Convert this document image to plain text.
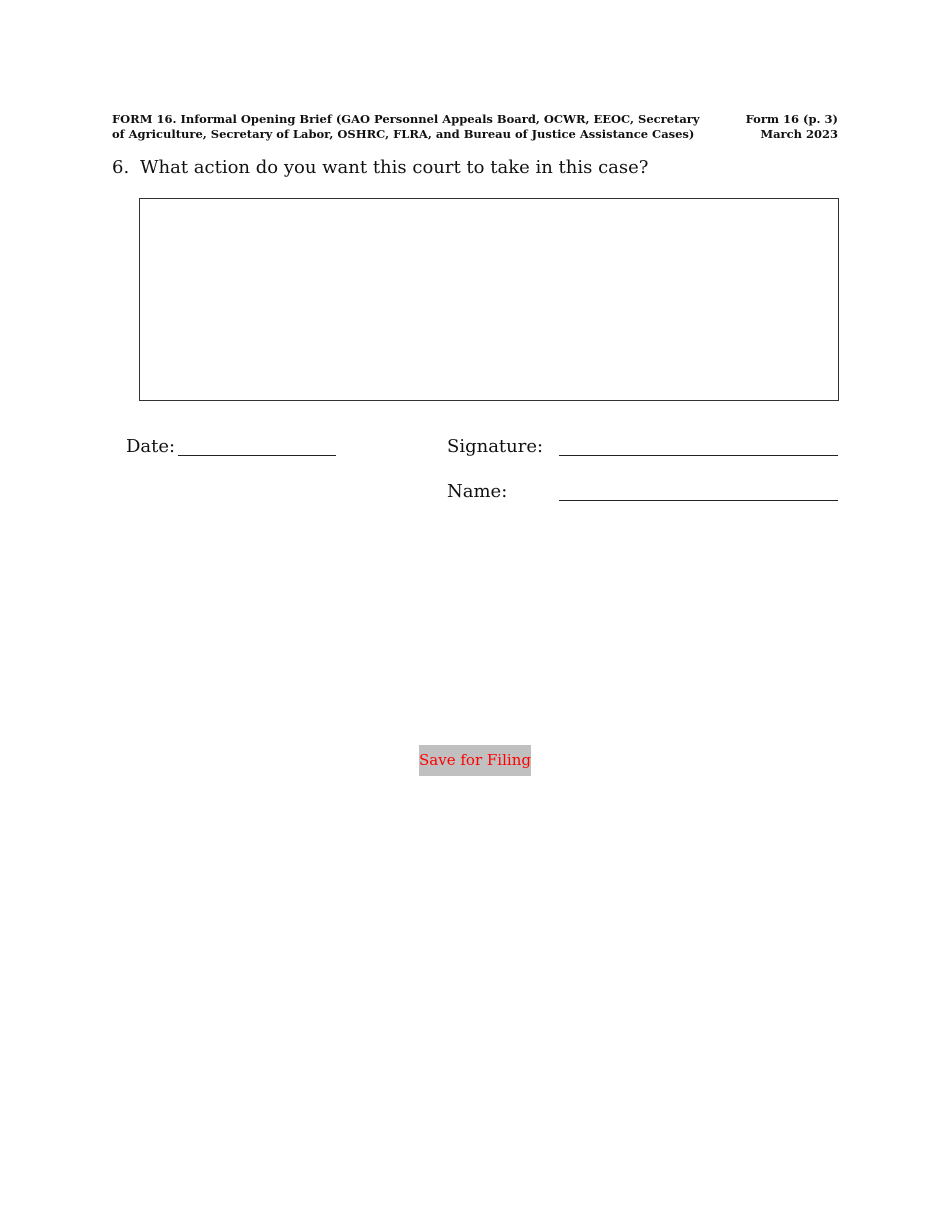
FORM 16. Informal Opening Brief (GAO Personnel Appeals Board, OCWR, EEOC, Secretary
of Agriculture, Secretary of Labor, OSHRC, FLRA, and Bureau of Justice Assistance Cases)
Form 16 (p. 3)
March 2023
6. What action do you want this court to take in this case?
Date:	Signature:
Name:
Save for Filing
